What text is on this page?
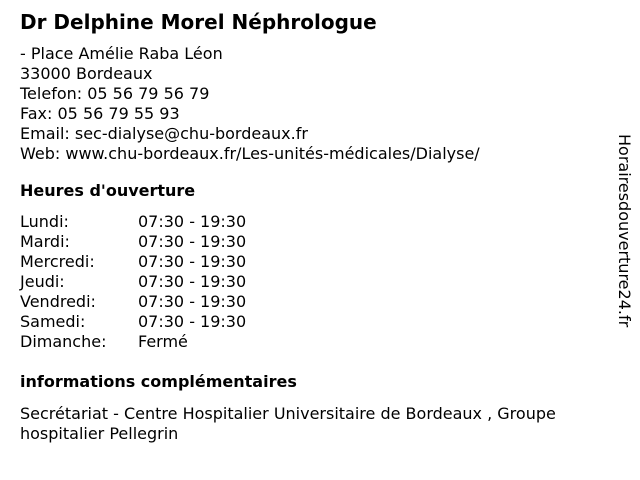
Dr Delphine Morel Néphrologue
- Place Amélie Raba Léon
33000 Bordeaux
Telefon: 05 56 79 56 79
Fax: 05 56 79 55 93
Email: sec-dialyse@chu-bordeaux.fr
Web: www.chu-bordeaux.fr/Les-unités-médicales/Dialyse/
Heures d'ouverture
Lundi:	07:30 - 19:30
Mardi:	07:30 - 19:30
Mercredi:	07:30 - 19:30
Jeudi:	07:30 - 19:30
Vendredi:	07:30 - 19:30
Samedi:	07:30 - 19:30
Dimanche: Fermé
informations complémentaires
Secrétariat - Centre Hospitalier Universitaire de Bordeaux , Groupe hospitalier Pellegrin
Horairesdouverture24.fr
